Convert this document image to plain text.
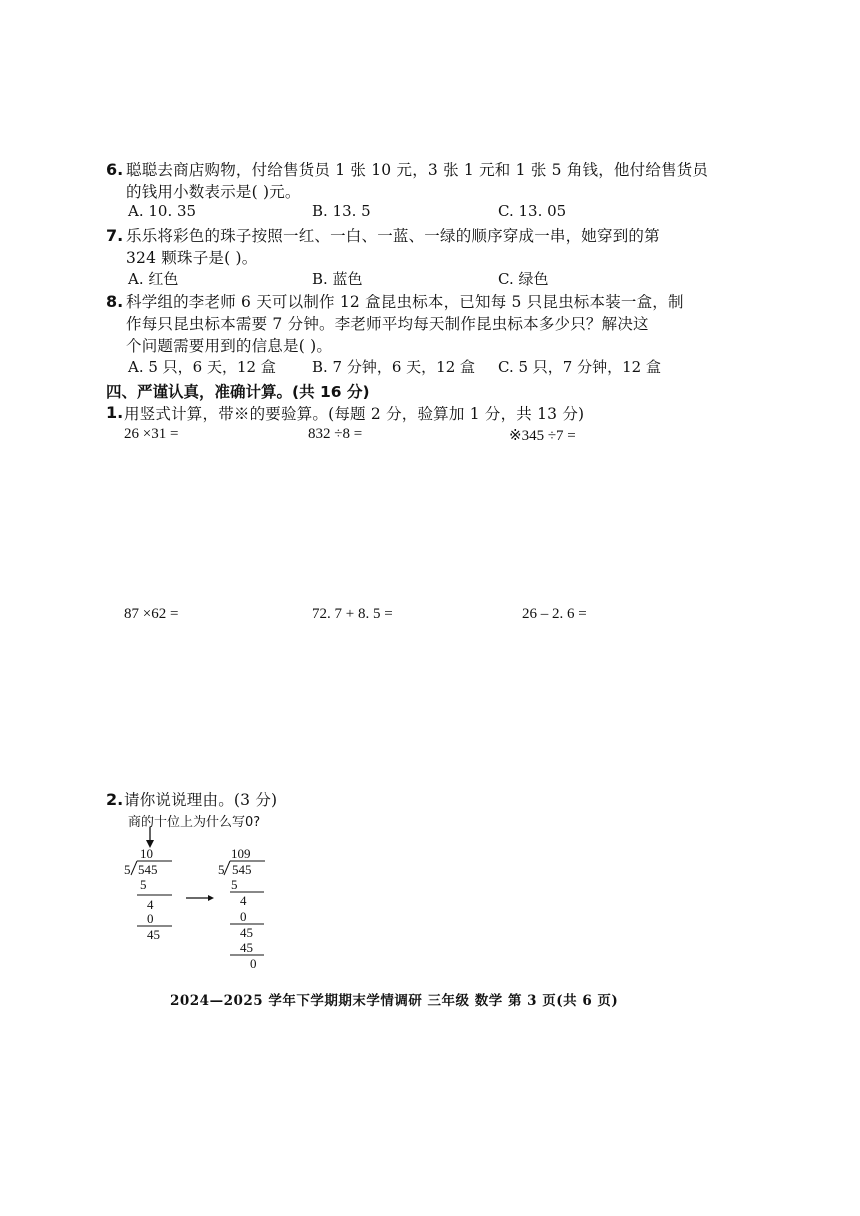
6. 聪聪去商店购物，付给售货员 1 张 10 元，3 张 1 元和 1 张 5 角钱，他付给售货员
的钱用小数表示是( )元。
A. 10. 35	B. 13. 5	C. 13. 05
7. 乐乐将彩色的珠子按照一红、一白、一蓝、一绿的顺序穿成一串，她穿到的第
324 颗珠子是( )。
A. 红色	B. 蓝色	C. 绿色
8. 科学组的李老师 6 天可以制作 12 盒昆虫标本，已知每 5 只昆虫标本装一盒，制
作每只昆虫标本需要 7 分钟。李老师平均每天制作昆虫标本多少只？解决这
个问题需要用到的信息是( )。
A. 5 只，6 天，12 盒 B. 7 分钟，6 天，12 盒 C. 5 只，7 分钟，12 盒
四、严谨认真，准确计算。(共 16 分)
1. 用竖式计算，带※的要验算。(每题 2 分，验算加 1 分，共 13 分)
26 ×31 =	832 ÷8 =	※345 ÷7 =
87 ×62 =	72. 7 + 8. 5 =	26 – 2. 6 =
2. 请你说说理由。(3 分)
商的十位上为什么写0?
10
5 545
5
4
0
45
109
5 545
5
4
0
45
45
0
2024—2025 学年下学期期末学情调研 三年级 数学 第 3 页(共 6 页)
